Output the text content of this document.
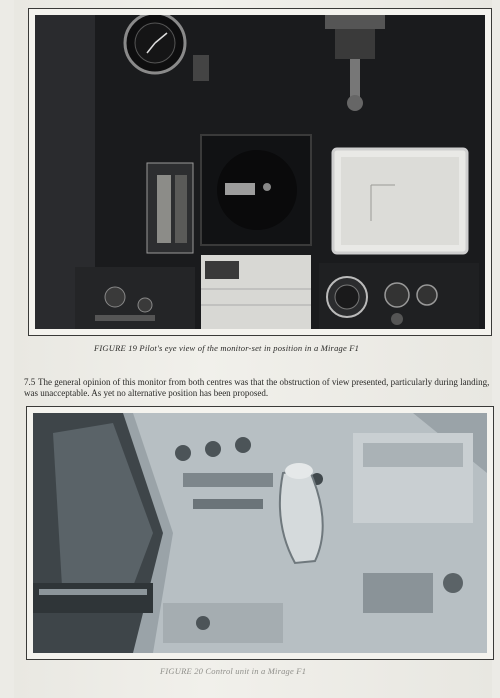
FIGURE 19 Pilot's eye view of the monitor-set in position in a Mirage F1
7.5 The general opinion of this monitor from both centres was that the obstruction of view presented, particularly during landing, was unacceptable. As yet no alternative position has been proposed.
FIGURE 20 Control unit in a Mirage F1
